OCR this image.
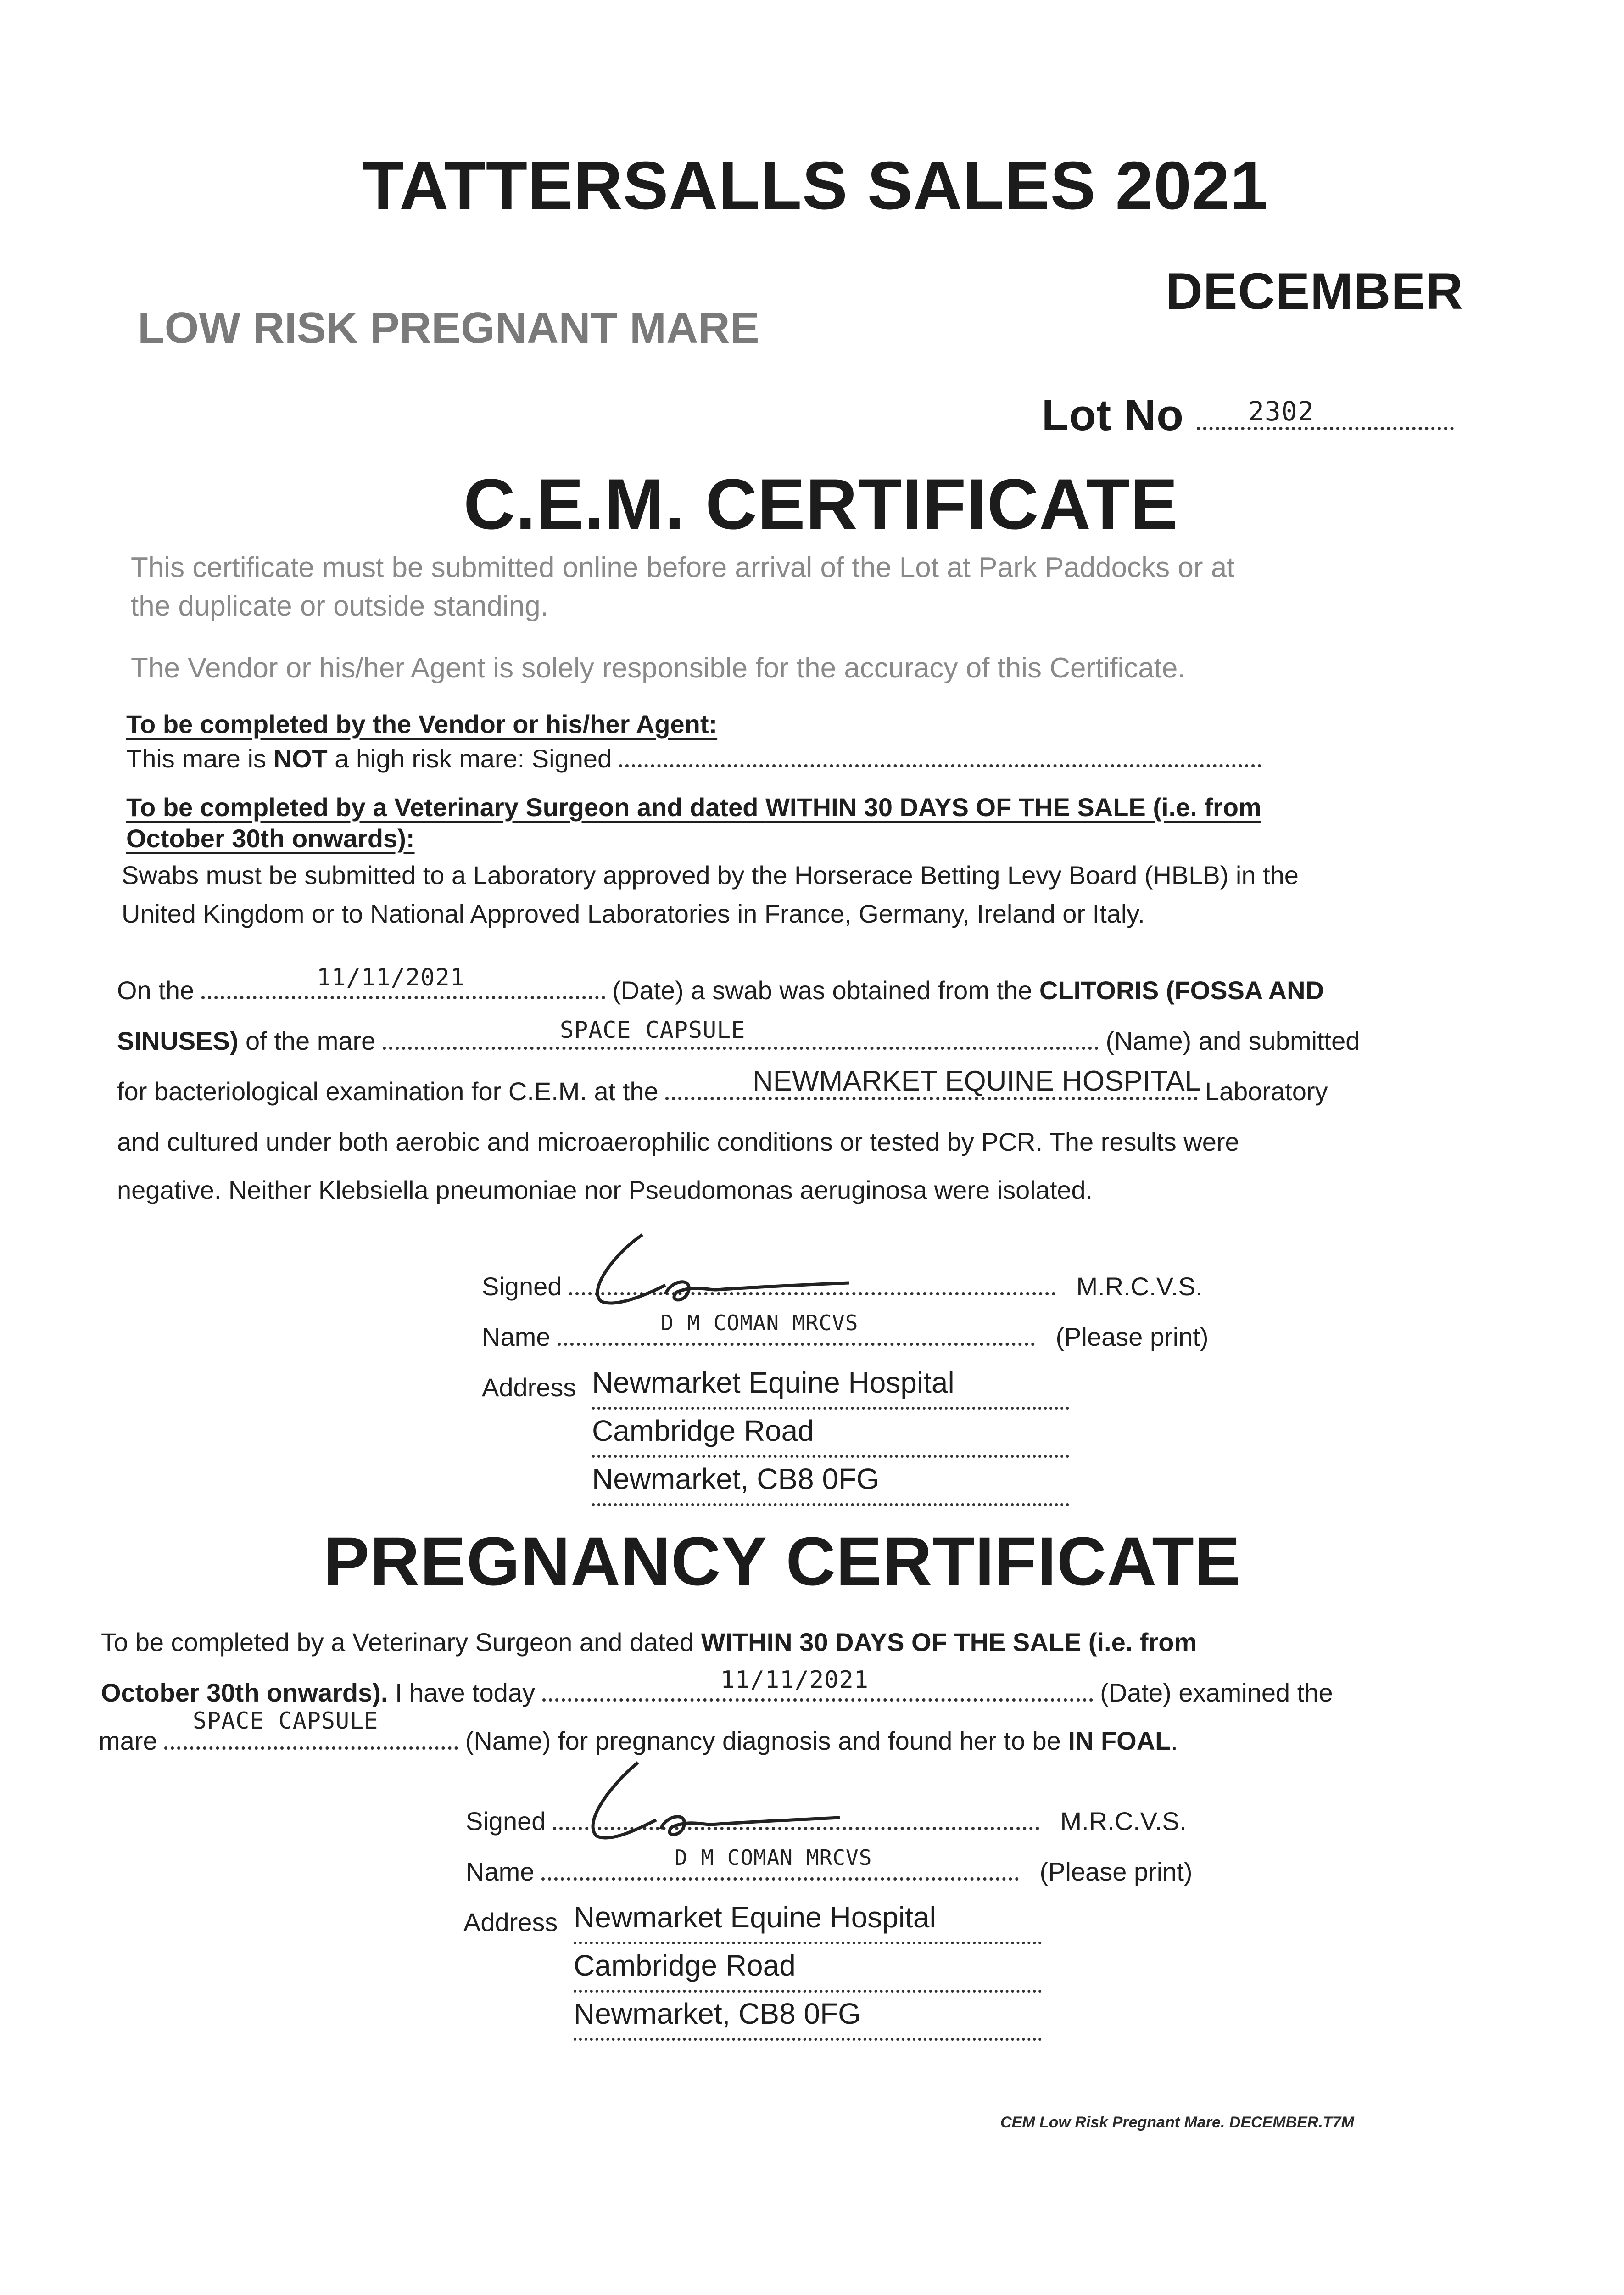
TATTERSALLS SALES 2021
DECEMBER
LOW RISK PREGNANT MARE
Lot No	2302
C.E.M. CERTIFICATE
This certificate must be submitted online before arrival of the Lot at Park Paddocks or at
the duplicate or outside standing.
The Vendor or his/her Agent is solely responsible for the accuracy of this Certificate.
To be completed by the Vendor or his/her Agent:
This mare is NOT a high risk mare: Signed
To be completed by a Veterinary Surgeon and dated WITHIN 30 DAYS OF THE SALE (i.e. from
October 30th onwards):
Swabs must be submitted to a Laboratory approved by the Horserace Betting Levy Board (HBLB) in the
United Kingdom or to National Approved Laboratories in France, Germany, Ireland or Italy.
On the	(Date) a swab was obtained from the CLITORIS (FOSSA AND
11/11/2021
SINUSES) of the mare	(Name) and submitted
SPACE CAPSULE
for bacteriological examination for C.E.M. at the	Laboratory
NEWMARKET EQUINE HOSPITAL
and cultured under both aerobic and microaerophilic conditions or tested by PCR. The results were
negative. Neither Klebsiella pneumoniae nor Pseudomonas aeruginosa were isolated.
Signed	M.R.C.V.S.
Name	(Please print)
D M COMAN MRCVS
Address Newmarket Equine Hospital
Cambridge Road
Newmarket, CB8 0FG
PREGNANCY CERTIFICATE
To be completed by a Veterinary Surgeon and dated WITHIN 30 DAYS OF THE SALE (i.e. from
October 30th onwards). I have today	(Date) examined the
11/11/2021
mare	(Name) for pregnancy diagnosis and found her to be IN FOAL.
SPACE CAPSULE
Signed	M.R.C.V.S.
Name	(Please print)
D M COMAN MRCVS
Address Newmarket Equine Hospital
Cambridge Road
Newmarket, CB8 0FG
CEM Low Risk Pregnant Mare. DECEMBER.T7M
